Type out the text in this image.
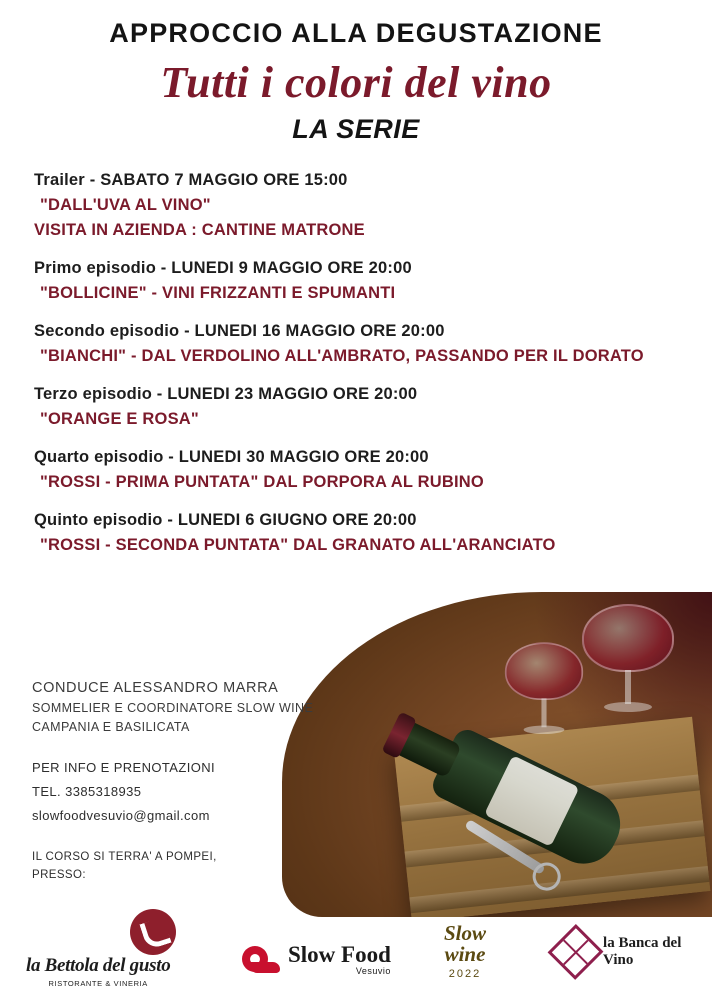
APPROCCIO ALLA DEGUSTAZIONE
Tutti i colori del vino
LA SERIE
Trailer - SABATO 7 MAGGIO ORE 15:00
"DALL'UVA AL VINO"
VISITA IN AZIENDA : CANTINE MATRONE
Primo episodio - LUNEDI 9 MAGGIO ORE 20:00
"BOLLICINE" - VINI FRIZZANTI E SPUMANTI
Secondo episodio - LUNEDI 16 MAGGIO ORE 20:00
"BIANCHI" - DAL VERDOLINO ALL'AMBRATO, PASSANDO PER IL DORATO
Terzo episodio - LUNEDI 23 MAGGIO ORE 20:00
"ORANGE E ROSA"
Quarto episodio - LUNEDI 30 MAGGIO ORE 20:00
"ROSSI - PRIMA PUNTATA" DAL PORPORA AL RUBINO
Quinto episodio - LUNEDI 6 GIUGNO ORE 20:00
"ROSSI - SECONDA PUNTATA" DAL GRANATO ALL'ARANCIATO
CONDUCE ALESSANDRO MARRA
SOMMELIER E COORDINATORE SLOW WINE
CAMPANIA E BASILICATA
PER INFO E PRENOTAZIONI
TEL. 3385318935
slowfoodvesuvio@gmail.com
IL CORSO SI TERRA' A POMPEI,
PRESSO:
la Bettola del gusto
RISTORANTE & VINERIA
Slow Food
Vesuvio
Slow
wine
2022
la Banca del Vino
